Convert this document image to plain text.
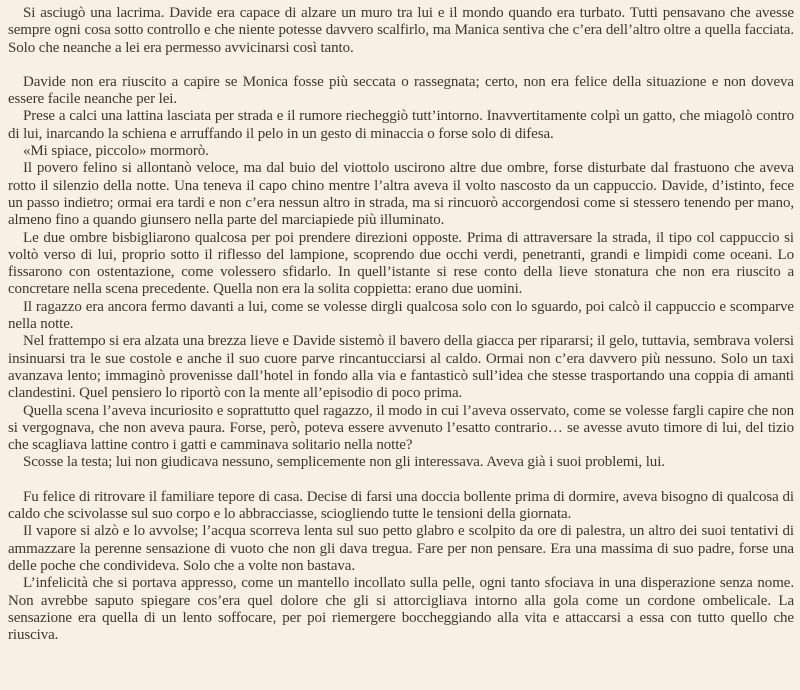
Si asciugò una lacrima. Davide era capace di alzare un muro tra lui e il mondo quando era turbato. Tutti pensavano che avesse sempre ogni cosa sotto controllo e che niente potesse davvero scalfirlo, ma Manica sentiva che c’era dell’altro oltre a quella facciata. Solo che neanche a lei era permesso avvicinarsi così tanto.

Davide non era riuscito a capire se Monica fosse più seccata o rassegnata; certo, non era felice della situazione e non doveva essere facile neanche per lei.

Prese a calci una lattina lasciata per strada e il rumore riecheggiò tutt’intorno. Inavvertitamente colpì un gatto, che miagolò contro di lui, inarcando la schiena e arruffando il pelo in un gesto di minaccia o forse solo di difesa.

«Mi spiace, piccolo» mormorò.

Il povero felino si allontanò veloce, ma dal buio del viottolo uscirono altre due ombre, forse disturbate dal frastuono che aveva rotto il silenzio della notte. Una teneva il capo chino mentre l’altra aveva il volto nascosto da un cappuccio. Davide, d’istinto, fece un passo indietro; ormai era tardi e non c’era nessun altro in strada, ma si rincuorò accorgendosi come si stessero tenendo per mano, almeno fino a quando giunsero nella parte del marciapiede più illuminato.

Le due ombre bisbigliarono qualcosa per poi prendere direzioni opposte. Prima di attraversare la strada, il tipo col cappuccio si voltò verso di lui, proprio sotto il riflesso del lampione, scoprendo due occhi verdi, penetranti, grandi e limpidi come oceani. Lo fissarono con ostentazione, come volessero sfidarlo. In quell’istante si rese conto della lieve stonatura che non era riuscito a concretare nella scena precedente. Quella non era la solita coppietta: erano due uomini.

Il ragazzo era ancora fermo davanti a lui, come se volesse dirgli qualcosa solo con lo sguardo, poi calcò il cappuccio e scomparve nella notte.

Nel frattempo si era alzata una brezza lieve e Davide sistemò il bavero della giacca per ripararsi; il gelo, tuttavia, sembrava volersi insinuarsi tra le sue costole e anche il suo cuore parve rincantucciarsi al caldo. Ormai non c’era davvero più nessuno. Solo un taxi avanzava lento; immaginò provenisse dall’hotel in fondo alla via e fantasticò sull’idea che stesse trasportando una coppia di amanti clandestini. Quel pensiero lo riportò con la mente all’episodio di poco prima.

Quella scena l’aveva incuriosito e soprattutto quel ragazzo, il modo in cui l’aveva osservato, come se volesse fargli capire che non si vergognava, che non aveva paura. Forse, però, poteva essere avvenuto l’esatto contrario… se avesse avuto timore di lui, del tizio che scagliava lattine contro i gatti e camminava solitario nella notte?

Scosse la testa; lui non giudicava nessuno, semplicemente non gli interessava. Aveva già i suoi problemi, lui.

Fu felice di ritrovare il familiare tepore di casa. Decise di farsi una doccia bollente prima di dormire, aveva bisogno di qualcosa di caldo che scivolasse sul suo corpo e lo abbracciasse, sciogliendo tutte le tensioni della giornata.

Il vapore si alzò e lo avvolse; l’acqua scorreva lenta sul suo petto glabro e scolpito da ore di palestra, un altro dei suoi tentativi di ammazzare la perenne sensazione di vuoto che non gli dava tregua. Fare per non pensare. Era una massima di suo padre, forse una delle poche che condivideva. Solo che a volte non bastava.

L’infelicità che si portava appresso, come un mantello incollato sulla pelle, ogni tanto sfociava in una disperazione senza nome. Non avrebbe saputo spiegare cos’era quel dolore che gli si attorcigliava intorno alla gola come un cordone ombelicale. La sensazione era quella di un lento soffocare, per poi riemergere boccheggiando alla vita e attaccarsi a essa con tutto quello che riusciva.
